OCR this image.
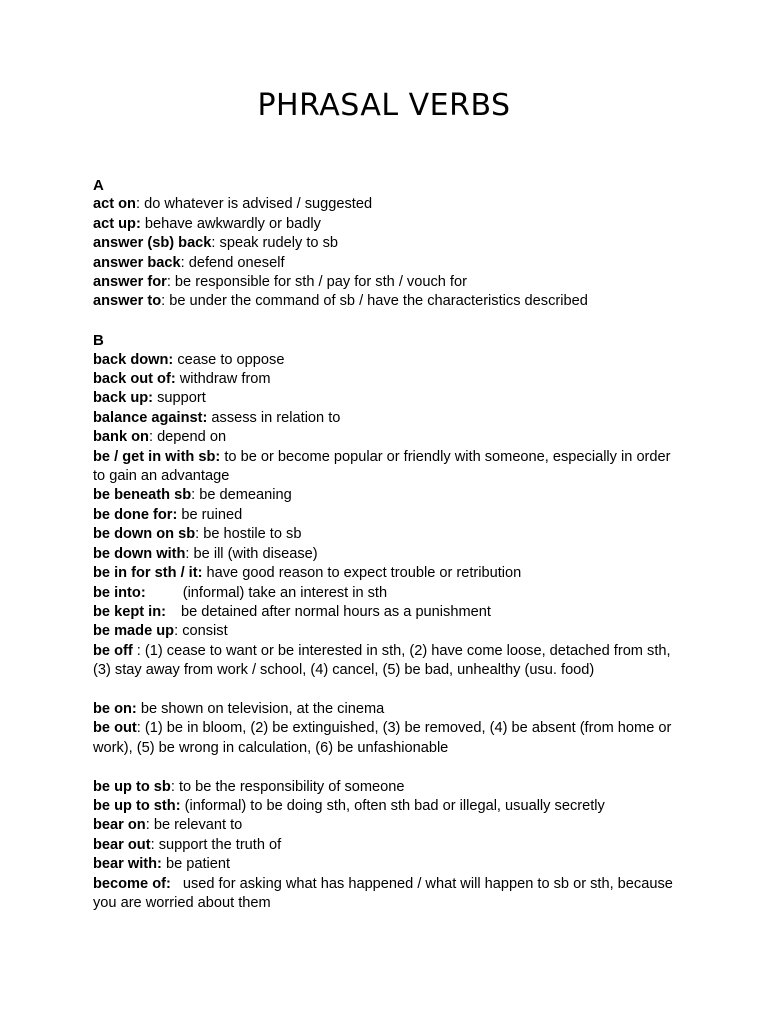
PHRASAL VERBS

A

act on: do whatever is advised / suggested

act up: behave awkwardly or badly

answer (sb) back: speak rudely to sb

answer back: defend oneself

answer for: be responsible for sth / pay for sth / vouch for

answer to: be under the command of sb / have the characteristics described

B

back down: cease to oppose

back out of: withdraw from

back up: support

balance against: assess in relation to

bank on: depend on

be / get in with sb: to be or become popular or friendly with someone, especially in order to gain an advantage

be beneath sb: be demeaning

be done for: be ruined

be down on sb: be hostile to sb

be down with: be ill (with disease)

be in for sth / it: have good reason to expect trouble or retribution

be into:	(informal) take an interest in sth

be kept in: be detained after normal hours as a punishment

be made up: consist

be off : (1) cease to want or be interested in sth, (2) have come loose, detached from sth, (3) stay away from work / school, (4) cancel, (5) be bad, unhealthy (usu. food)

be on: be shown on television, at the cinema

be out: (1) be in bloom, (2) be extinguished, (3) be removed, (4) be absent (from home or work), (5) be wrong in calculation, (6) be unfashionable

be up to sb: to be the responsibility of someone

be up to sth: (informal) to be doing sth, often sth bad or illegal, usually secretly

bear on: be relevant to

bear out: support the truth of

bear with: be patient

become of: used for asking what has happened / what will happen to sb or sth, because you are worried about them
